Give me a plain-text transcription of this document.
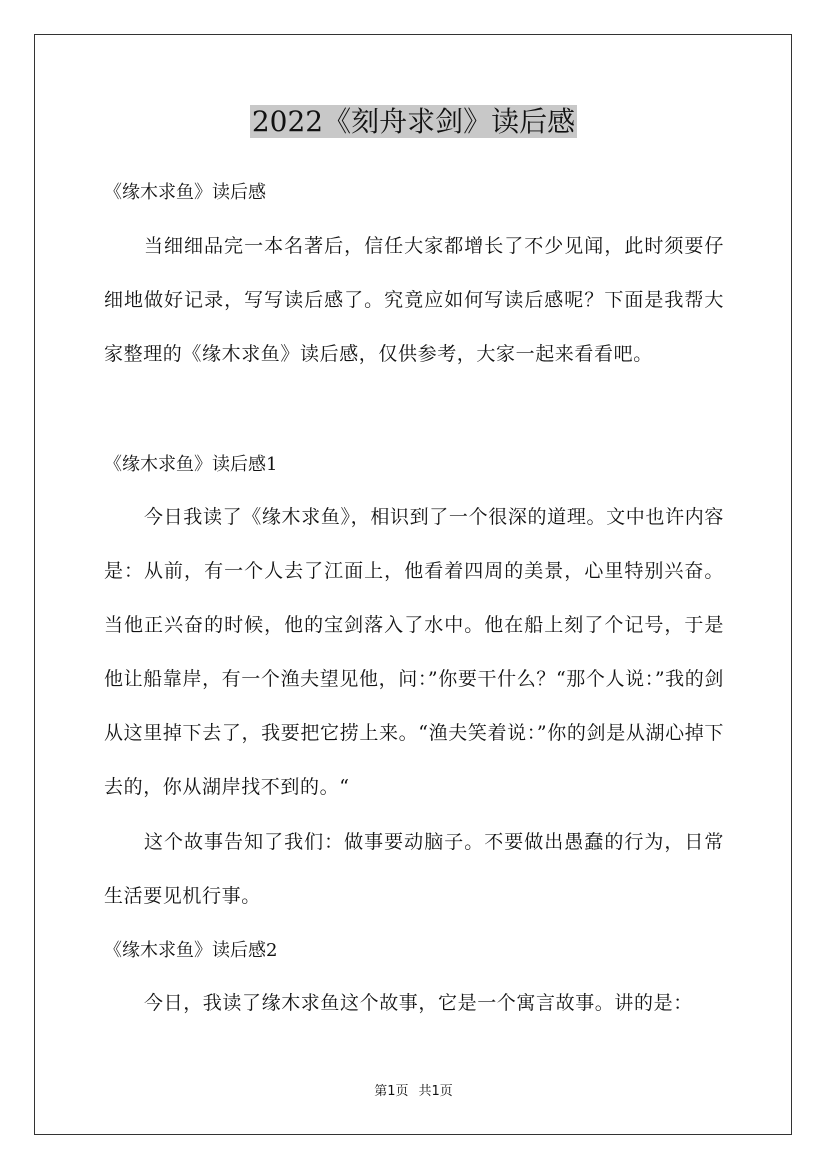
2022《刻舟求剑》读后感
《缘木求鱼》读后感

当细细品完一本名著后，信任大家都增长了不少见闻，此时须要仔细地做好记录，写写读后感了。究竟应如何写读后感呢？下面是我帮大家整理的《缘木求鱼》读后感，仅供参考，大家一起来看看吧。

《缘木求鱼》读后感1

今日我读了《缘木求鱼》，相识到了一个很深的道理。文中也许内容是：从前，有一个人去了江面上，他看着四周的美景，心里特别兴奋。当他正兴奋的时候，他的宝剑落入了水中。他在船上刻了个记号，于是他让船靠岸，有一个渔夫望见他，问：”你要干什么？“那个人说：”我的剑从这里掉下去了，我要把它捞上来。“渔夫笑着说：”你的剑是从湖心掉下去的，你从湖岸找不到的。“

这个故事告知了我们：做事要动脑子。不要做出愚蠢的行为，日常生活要见机行事。

《缘木求鱼》读后感2

今日，我读了缘木求鱼这个故事，它是一个寓言故事。讲的是：

第1页 共1页
